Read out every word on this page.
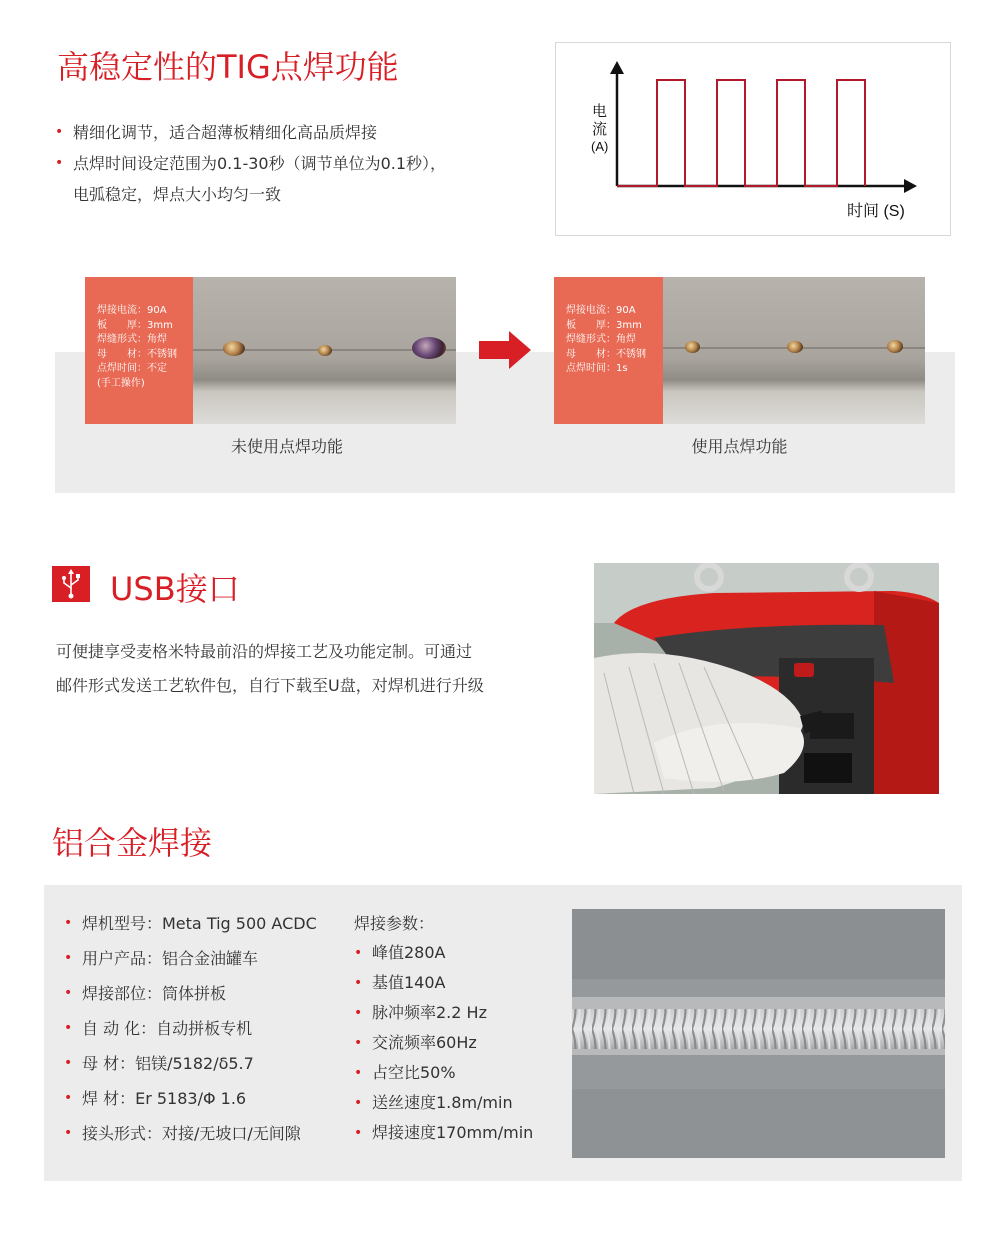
高稳定性的TIG点焊功能
• 精细化调节，适合超薄板精细化高品质焊接
• 点焊时间设定范围为0.1-30秒（调节单位为0.1秒），
电弧稳定，焊点大小均匀一致
电
流
(A)
时间 (S)
焊接电流：90A
板　　厚：3mm
焊缝形式：角焊
母　　材：不锈钢
点焊时间：不定
(手工操作)
未使用点焊功能
焊接电流：90A
板　　厚：3mm
焊缝形式：角焊
母　　材：不锈钢
点焊时间：1s
使用点焊功能
USB接口
可便捷享受麦格米特最前沿的焊接工艺及功能定制。可通过
邮件形式发送工艺软件包，自行下载至U盘，对焊机进行升级
铝合金焊接
• 焊机型号：Meta Tig 500 ACDC
• 用户产品：铝合金油罐车
• 焊接部位：筒体拼板
• 自 动 化：自动拼板专机
• 母 材：铝镁/5182/δ5.7
• 焊 材：Er 5183/Φ 1.6
• 接头形式：对接/无坡口/无间隙
焊接参数：
• 峰值280A
• 基值140A
• 脉冲频率2.2 Hz
• 交流频率60Hz
• 占空比50%
• 送丝速度1.8m/min
• 焊接速度170mm/min
